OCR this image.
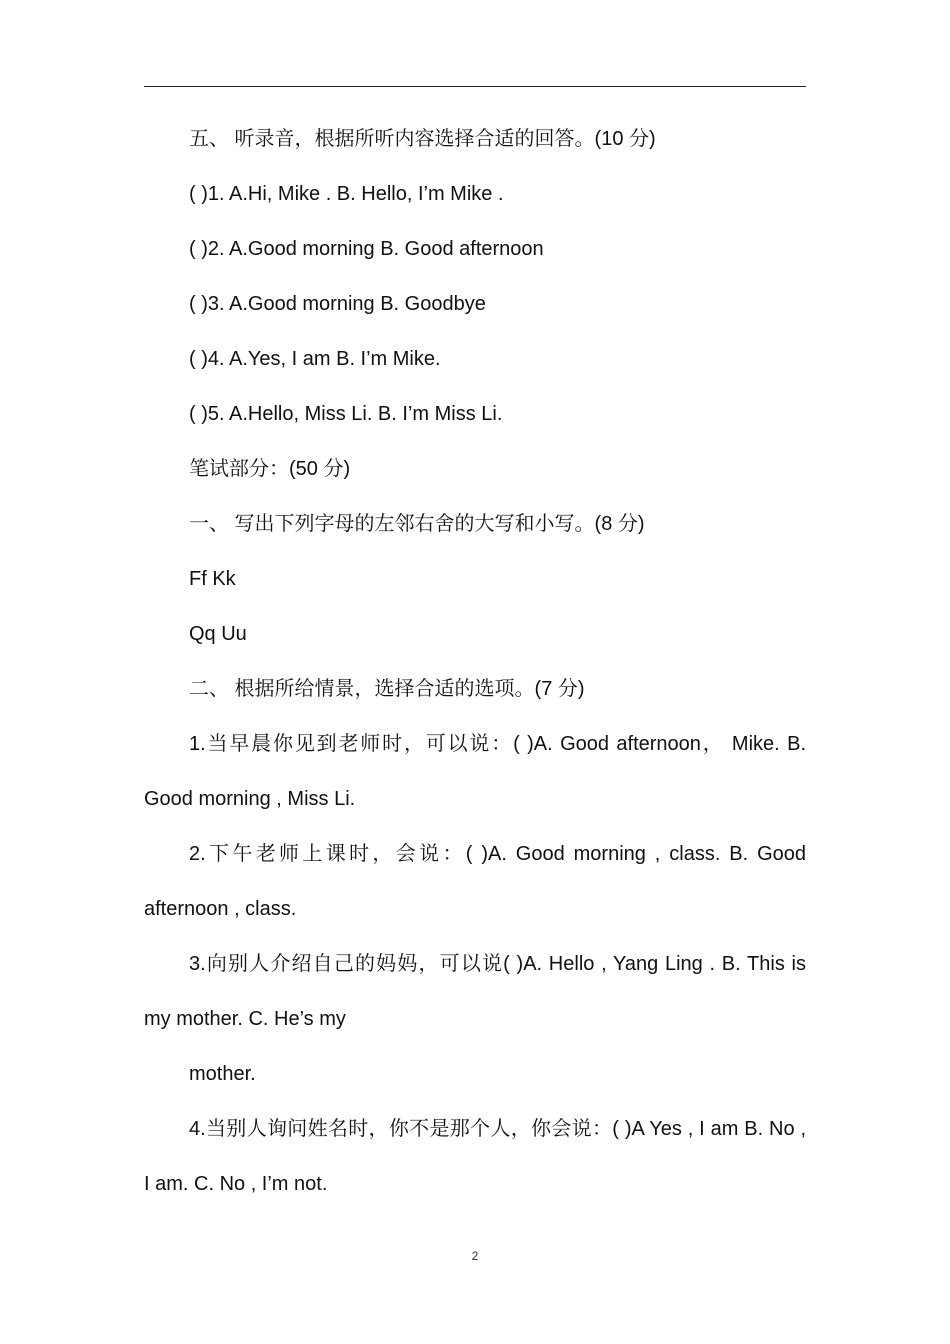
五、 听录音，根据所听内容选择合适的回答。(10 分)
( )1. A.Hi, Mike . B. Hello, I’m Mike .
( )2. A.Good morning B. Good afternoon
( )3. A.Good morning B. Goodbye
( )4. A.Yes, I am B. I’m Mike.
( )5. A.Hello, Miss Li. B. I’m Miss Li.
笔试部分：(50 分)
一、 写出下列字母的左邻右舍的大写和小写。(8 分)
Ff Kk
Qq Uu
二、 根据所给情景，选择合适的选项。(7 分)
1.当早晨你见到老师时，可以说：( )A. Good afternoon， Mike. B. Good morning , Miss Li.
2.下午老师上课时，会说：( )A. Good morning , class. B. Good afternoon , class.
3.向别人介绍自己的妈妈，可以说( )A. Hello , Yang Ling . B. This is my mother. C. He’s my
mother.
4.当别人询问姓名时，你不是那个人，你会说：( )A Yes , I am B. No , I am. C. No , I’m not.
2
